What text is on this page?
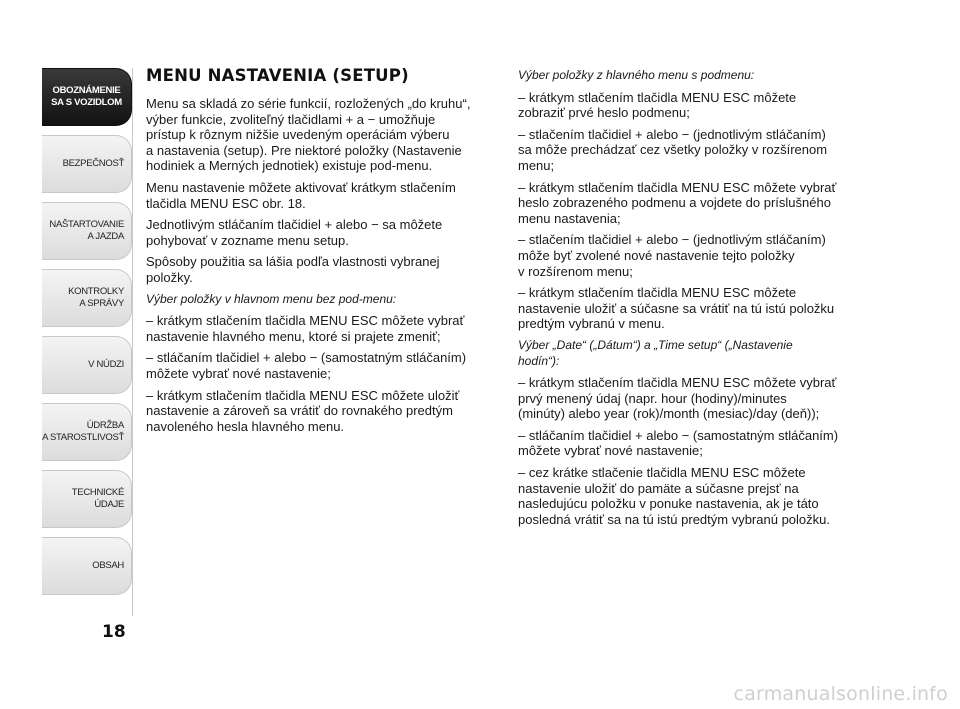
OBOZNÁMENIE
SA S VOZIDLOM
BEZPEČNOSŤ
NAŠTARTOVANIE
A JAZDA
KONTROLKY
A SPRÁVY
V NÚDZI
ÚDRŽBA
A STAROSTLIVOSŤ
TECHNICKÉ
ÚDAJE
OBSAH
18
MENU NASTAVENIA (SETUP)

Menu sa skladá zo série funkcií, rozložených „do kruhu“,
výber funkcie, zvoliteľný tlačidlami + a − umožňuje
prístup k rôznym nižšie uvedeným operáciám výberu
a nastavenia (setup). Pre niektoré položky (Nastavenie
hodiniek a Merných jednotiek) existuje pod-menu.

Menu nastavenie môžete aktivovať krátkym stlačením
tlačidla MENU ESC obr. 18.

Jednotlivým stláčaním tlačidiel + alebo − sa môžete
pohybovať v zozname menu setup.

Spôsoby použitia sa lášia podľa vlastnosti vybranej
položky.

Výber položky v hlavnom menu bez pod-menu:

– krátkym stlačením tlačidla MENU ESC môžete vybrať
nastavenie hlavného menu, ktoré si prajete zmeniť;

– stláčaním tlačidiel + alebo − (samostatným stláčaním)
môžete vybrať nové nastavenie;

– krátkym stlačením tlačidla MENU ESC môžete uložiť
nastavenie a zároveň sa vrátiť do rovnakého predtým
navoleného hesla hlavného menu.

Výber položky z hlavného menu s podmenu:

– krátkym stlačením tlačidla MENU ESC môžete
zobraziť prvé heslo podmenu;

– stlačením tlačidiel + alebo − (jednotlivým stláčaním)
sa môže prechádzať cez všetky položky v rozšírenom
menu;

– krátkym stlačením tlačidla MENU ESC môžete vybrať
heslo zobrazeného podmenu a vojdete do príslušného
menu nastavenia;

– stlačením tlačidiel + alebo − (jednotlivým stláčaním)
môže byť zvolené nové nastavenie tejto položky
v rozšírenom menu;

– krátkym stlačením tlačidla MENU ESC môžete
nastavenie uložiť a súčasne sa vrátiť na tú istú položku
predtým vybranú v menu.

Výber „Date“ („Dátum“) a „Time setup“ („Nastavenie
hodín“):

– krátkym stlačením tlačidla MENU ESC môžete vybrať
prvý menený údaj (napr. hour (hodiny)/minutes
(minúty) alebo year (rok)/month (mesiac)/day (deň));

– stláčaním tlačidiel + alebo − (samostatným stláčaním)
môžete vybrať nové nastavenie;

– cez krátke stlačenie tlačidla MENU ESC môžete
nastavenie uložiť do pamäte a súčasne prejsť na
nasledujúcu položku v ponuke nastavenia, ak je táto
posledná vrátiť sa na tú istú predtým vybranú položku.

carmanualsonline.info
